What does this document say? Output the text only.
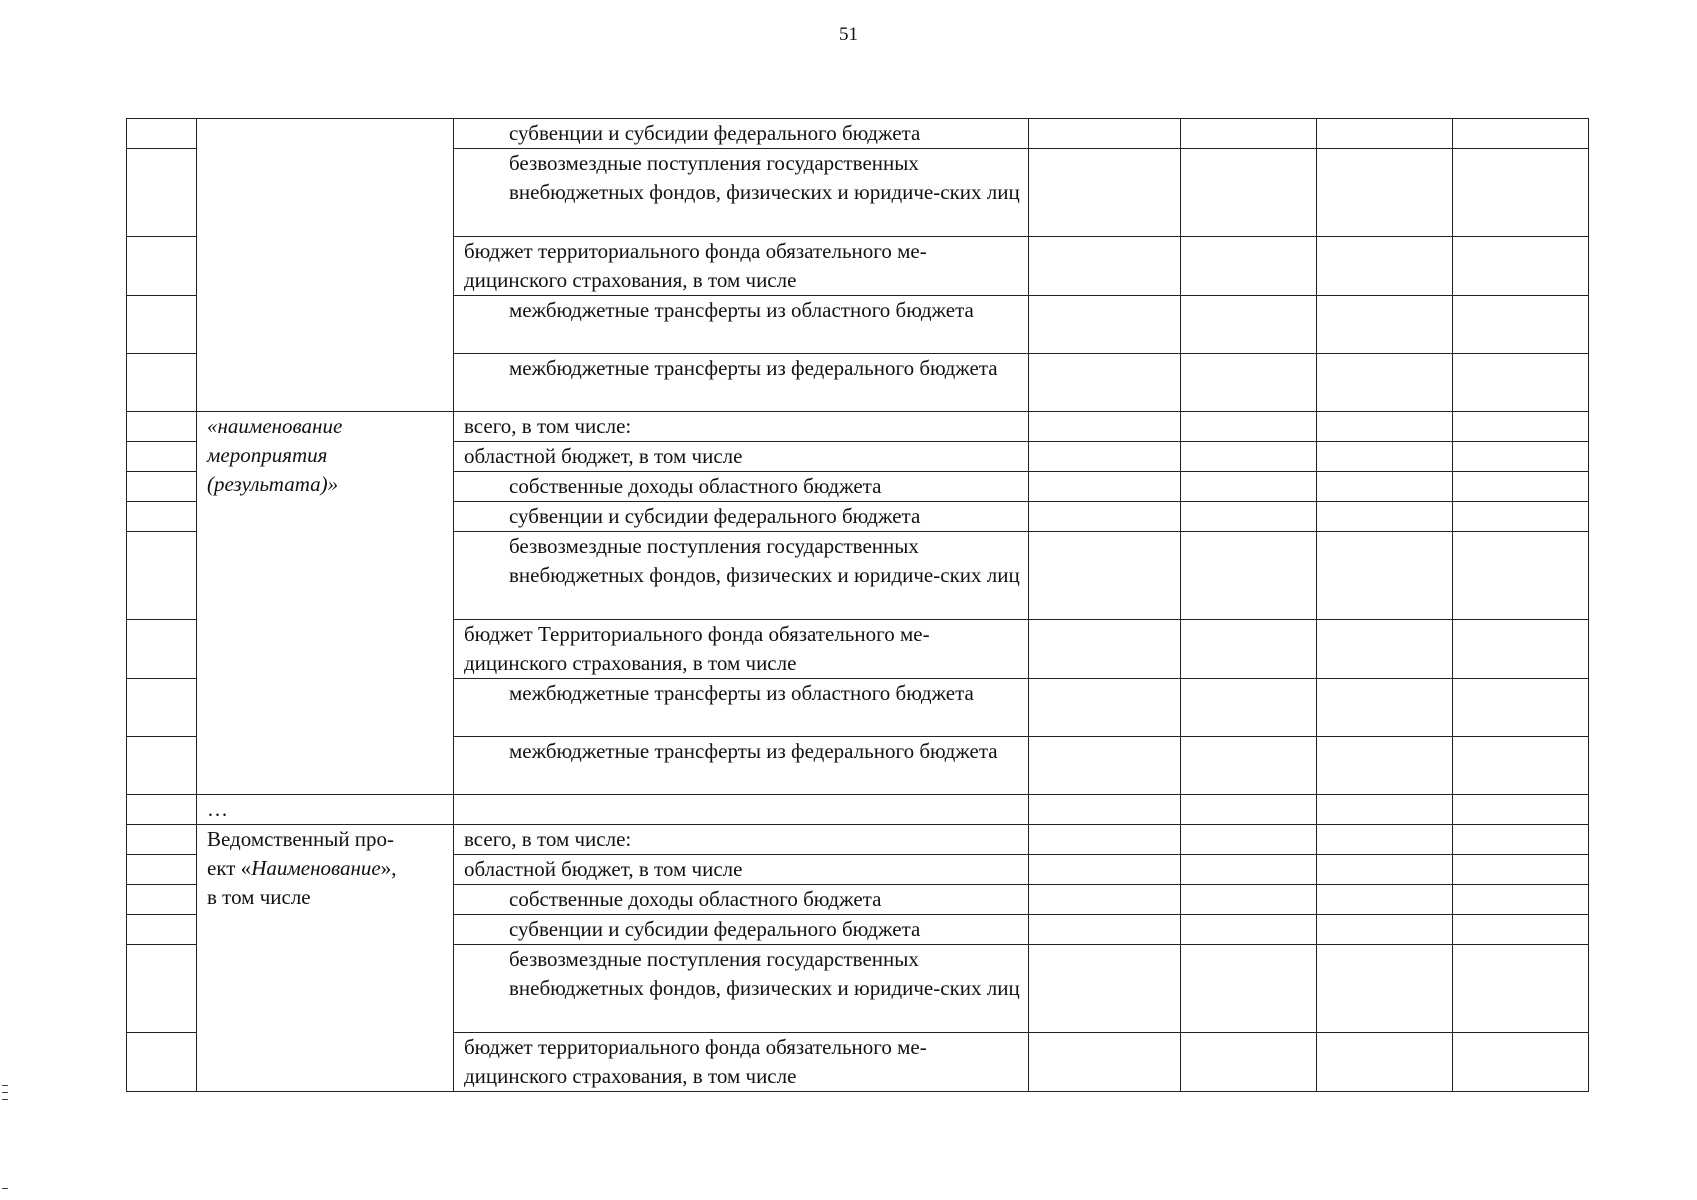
51
		субвенции и субсидии федерального бюджета				
		безвозмездные поступления государственных внебюджетных фондов, физических и юридиче-ских лиц				
		бюджет территориального фонда обязательного ме-дицинского страхования, в том числе				
		межбюджетные трансферты из областного бюджета				
		межбюджетные трансферты из федерального бюджета				

	«наименование
мероприятия
(результата)»	всего, в том числе:				
		областной бюджет, в том числе				
		собственные доходы областного бюджета				
		субвенции и субсидии федерального бюджета				
		безвозмездные поступления государственных внебюджетных фондов, физических и юридиче-ских лиц				
		бюджет Территориального фонда обязательного ме-дицинского страхования, в том числе				
		межбюджетные трансферты из областного бюджета				
		межбюджетные трансферты из федерального бюджета				

	…					

	Ведомственный про-
ект «Наименование»,
в том числе	всего, в том числе:				
		областной бюджет, в том числе				
		собственные доходы областного бюджета				
		субвенции и субсидии федерального бюджета				
		безвозмездные поступления государственных внебюджетных фондов, физических и юридиче-ских лиц				
		бюджет территориального фонда обязательного ме-дицинского страхования, в том числе				
